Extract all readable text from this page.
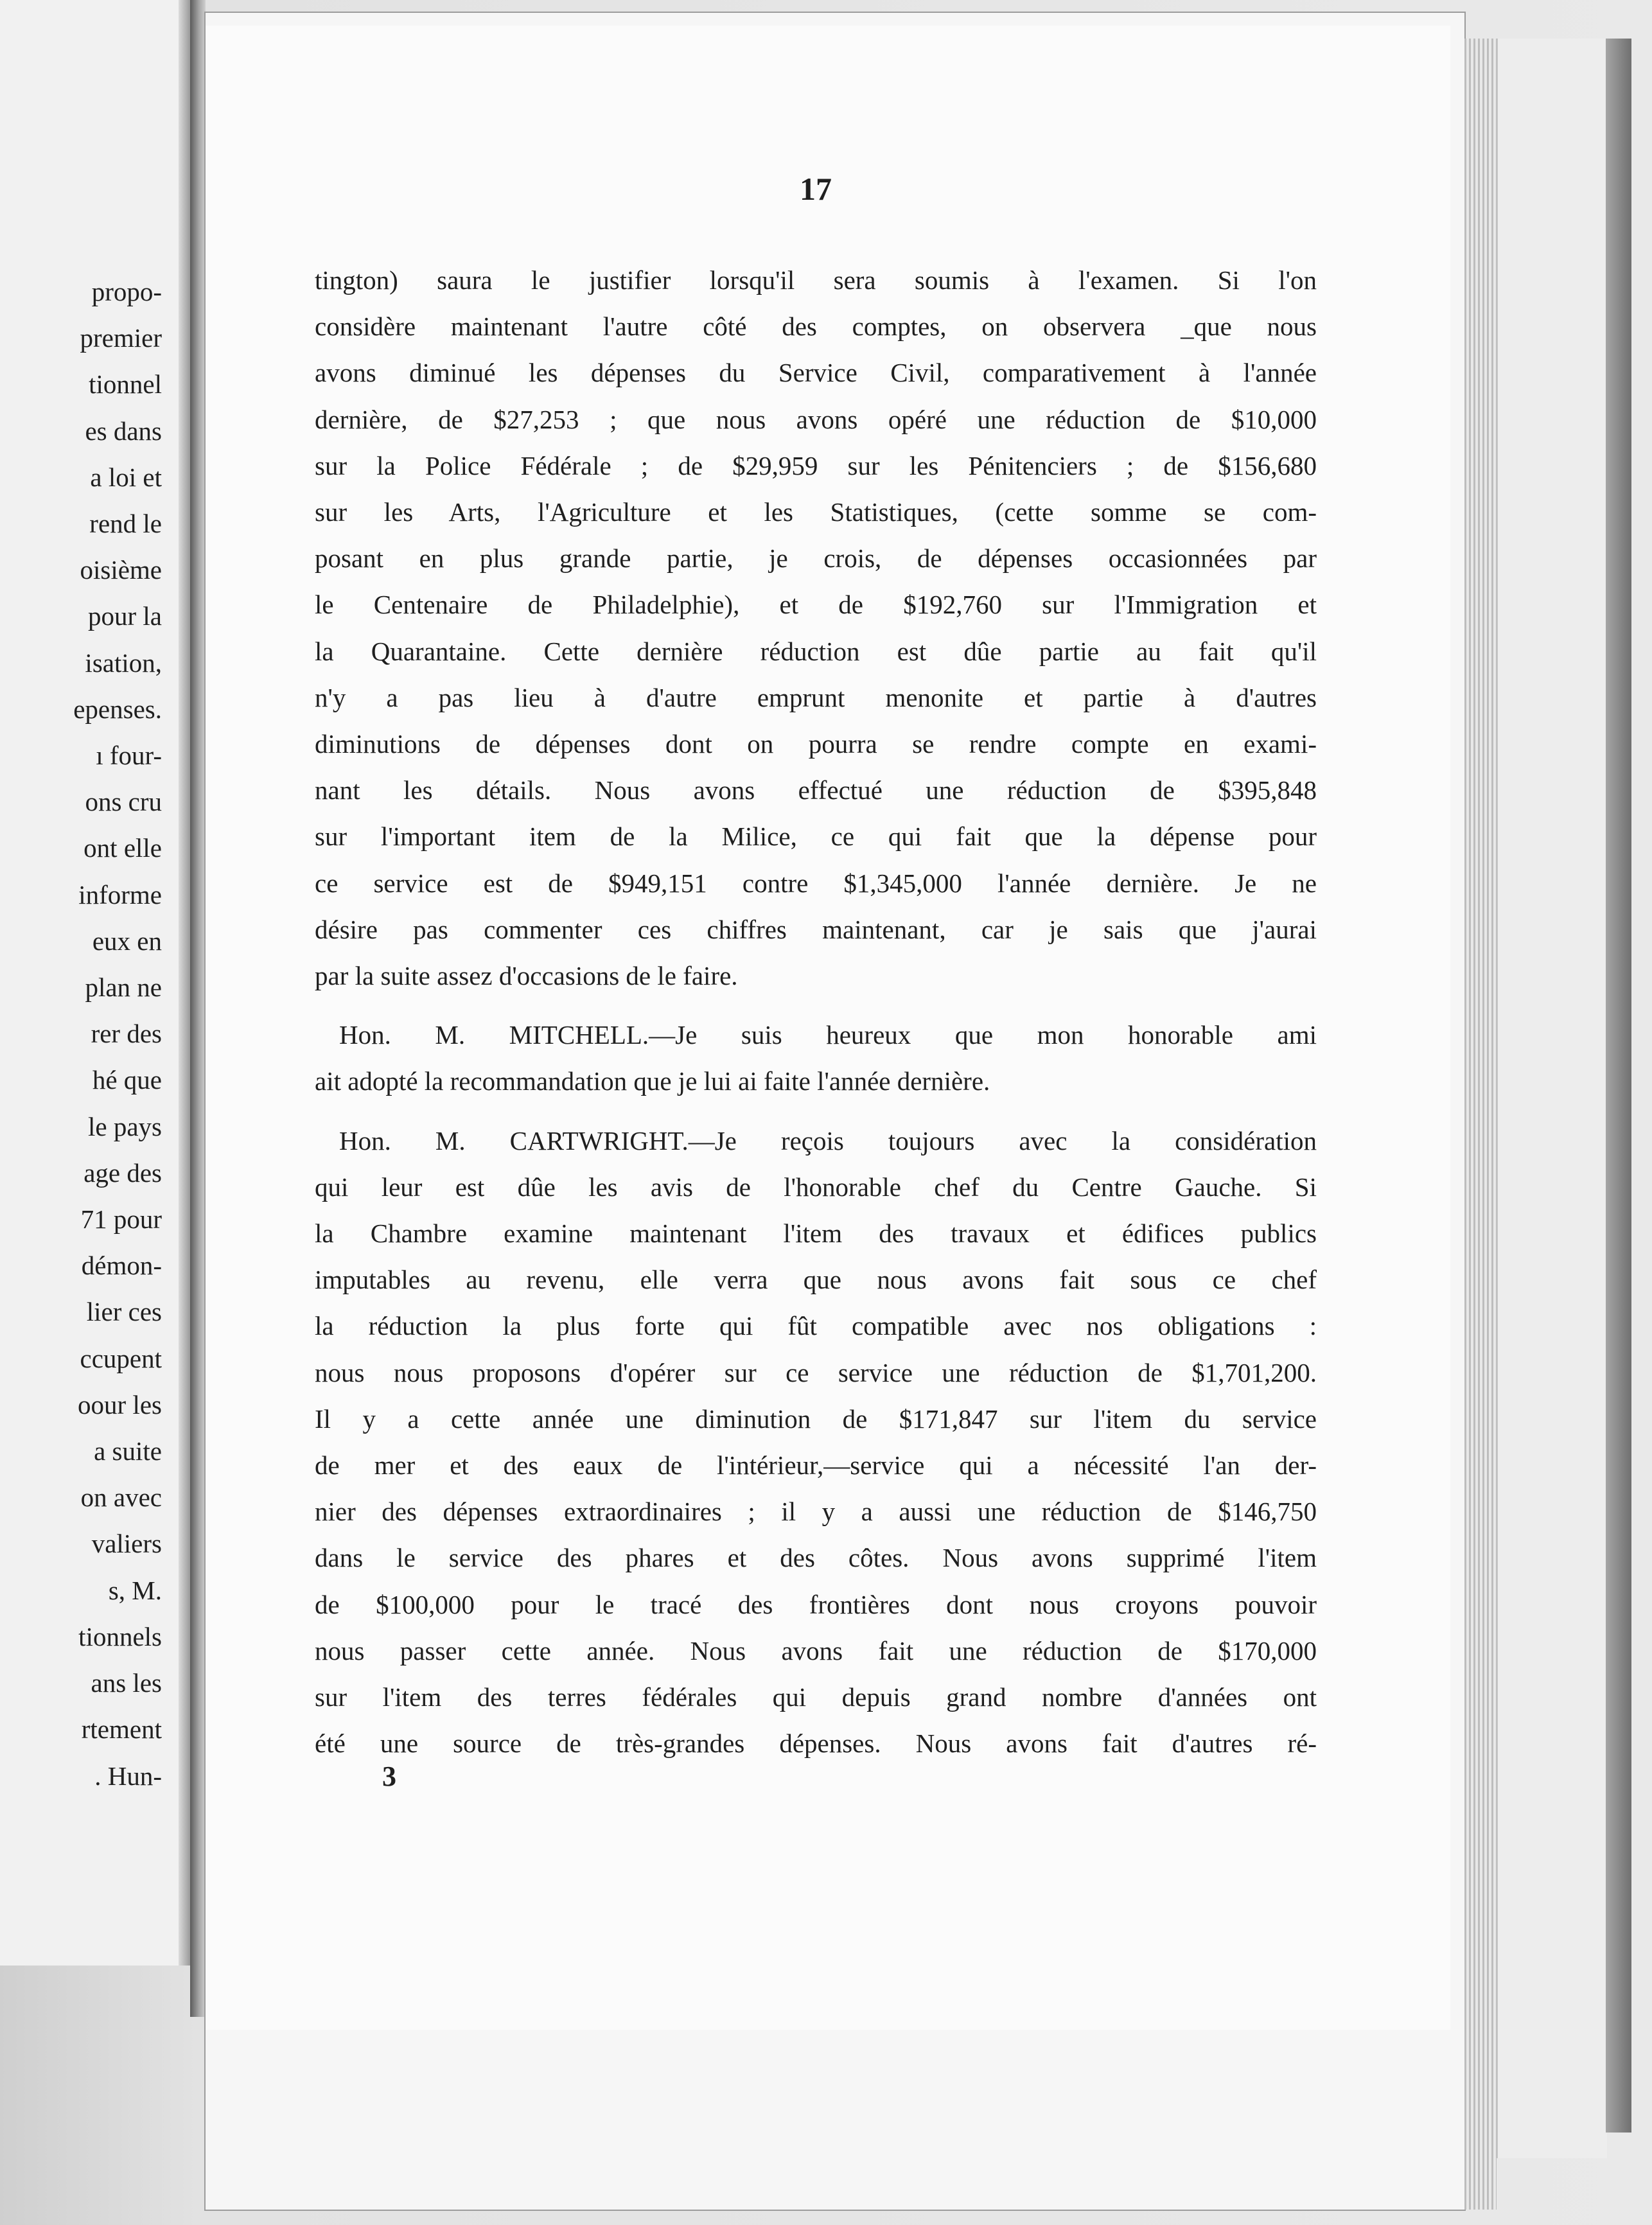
propo-
premier
tionnel
es dans
a loi et
rend le
oisième
pour la
isation,
epenses.
ı four-
ons cru
ont elle
informe
eux en
plan ne
rer des
hé que
le pays
age des
71 pour
démon-
lier ces
ccupent
oour les
a suite
on avec
valiers
s, M.
tionnels
ans les
rtement
. Hun-
17
tington) saura le justifier lorsqu'il sera soumis à l'examen. Si l'on
considère maintenant l'autre côté des comptes, on observera _que nous
avons diminué les dépenses du Service Civil, comparativement à l'année
dernière, de $27,253 ; que nous avons opéré une réduction de $10,000
sur la Police Fédérale ; de $29,959 sur les Pénitenciers ; de $156,680
sur les Arts, l'Agriculture et les Statistiques, (cette somme se com-
posant en plus grande partie, je crois, de dépenses occasionnées par
le Centenaire de Philadelphie), et de $192,760 sur l'Immigration et
la Quarantaine. Cette dernière réduction est dûe partie au fait qu'il
n'y a pas lieu à d'autre emprunt menonite et partie à d'autres
diminutions de dépenses dont on pourra se rendre compte en exami-
nant les détails. Nous avons effectué une réduction de $395,848
sur l'important item de la Milice, ce qui fait que la dépense pour
ce service est de $949,151 contre $1,345,000 l'année dernière. Je ne
désire pas commenter ces chiffres maintenant, car je sais que j'aurai
par la suite assez d'occasions de le faire.
Hon. M. MITCHELL.—Je suis heureux que mon honorable ami
ait adopté la recommandation que je lui ai faite l'année dernière.
Hon. M. CARTWRIGHT.—Je reçois toujours avec la considération
qui leur est dûe les avis de l'honorable chef du Centre Gauche. Si
la Chambre examine maintenant l'item des travaux et édifices publics
imputables au revenu, elle verra que nous avons fait sous ce chef
la réduction la plus forte qui fût compatible avec nos obligations :
nous nous proposons d'opérer sur ce service une réduction de $1,701,200.
Il y a cette année une diminution de $171,847 sur l'item du service
de mer et des eaux de l'intérieur,—service qui a nécessité l'an der-
nier des dépenses extraordinaires ; il y a aussi une réduction de $146,750
dans le service des phares et des côtes. Nous avons supprimé l'item
de $100,000 pour le tracé des frontières dont nous croyons pouvoir
nous passer cette année. Nous avons fait une réduction de $170,000
sur l'item des terres fédérales qui depuis grand nombre d'années ont
été une source de très-grandes dépenses. Nous avons fait d'autres ré-
3
